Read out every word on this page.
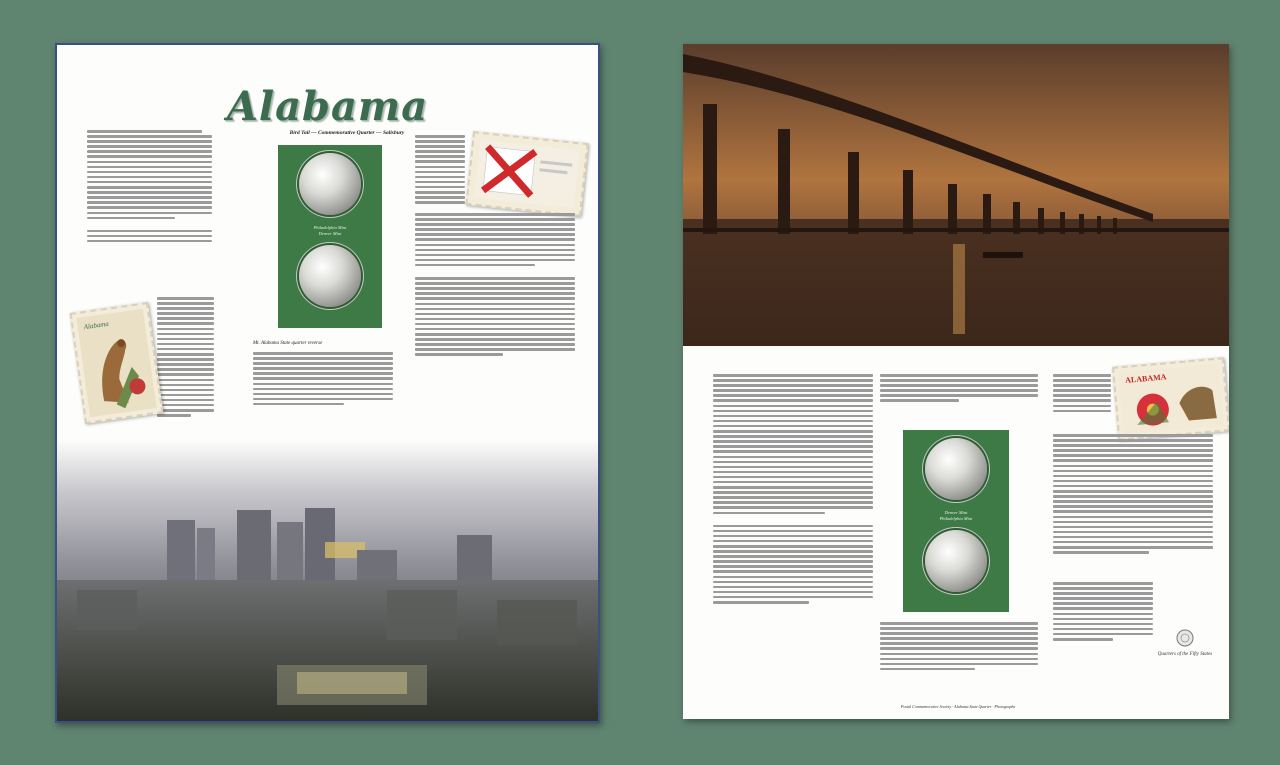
Alabama
Alabama
Bird Tail — Commemorative Quarter — Salisbury
Philadelphia Mint
Denver Mint
Mt. Alabama State quarter reverse
Denver Mint
Philadelphia Mint
ALABAMA
Quarters of the Fifty States
Postal Commemorative Society · Alabama State Quarter · Photographs
